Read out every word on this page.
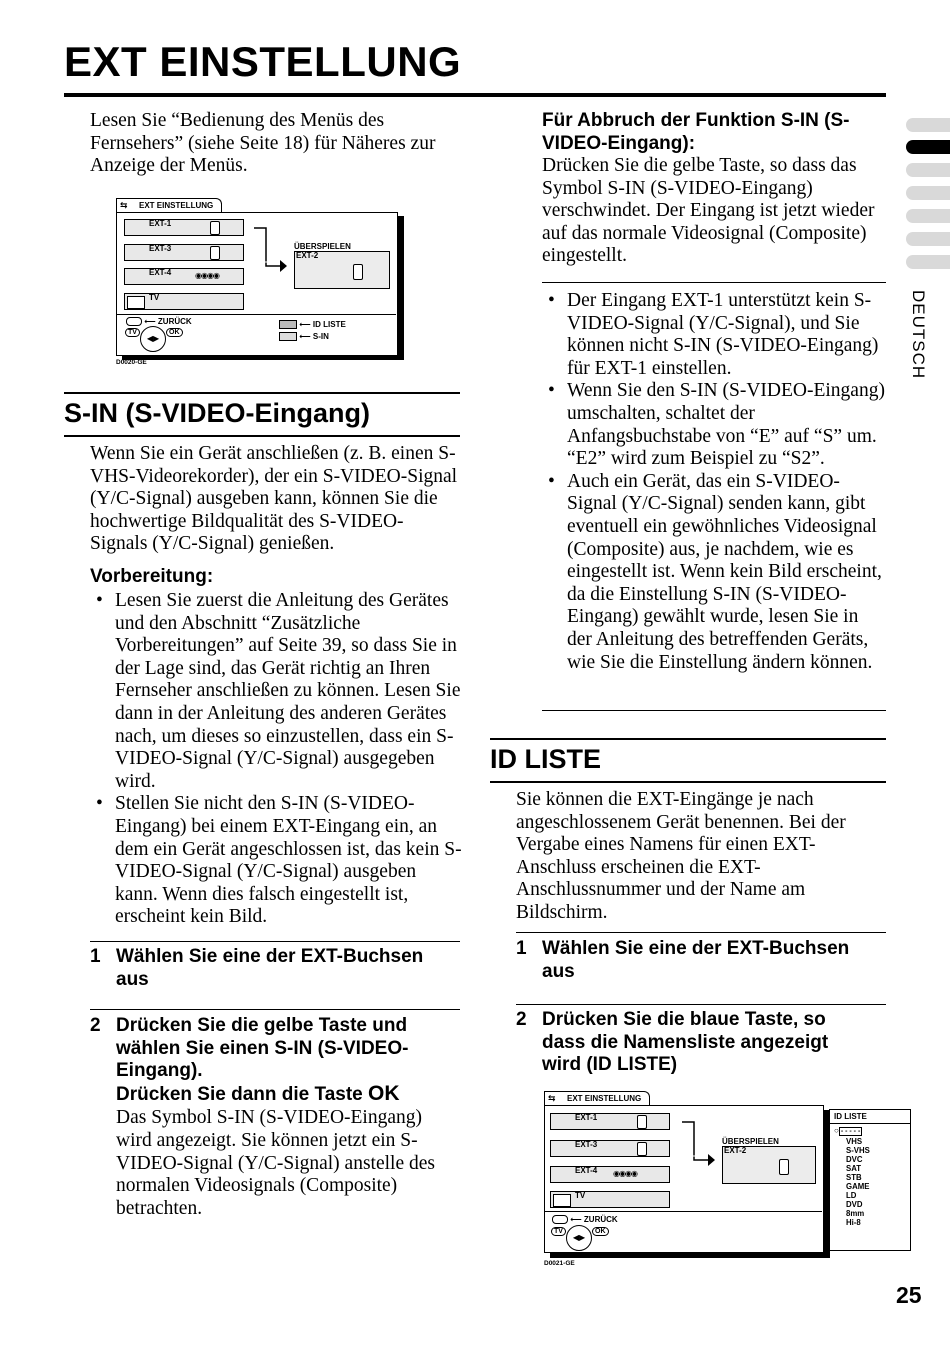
EXT EINSTELLUNG
DEUTSCH
Lesen Sie “Bedienung des Menüs des Fernsehers” (siehe Seite 18) für Näheres zur Anzeige der Menüs.
⇆ EXT EINSTELLUNG
EXT-1
EXT-3
EXT-4	◉◉◉◉
TV
ÜBERSPIELEN
EXT-2
⟵ ZURÜCK
TV
◀▶
OK
⟵ ID LISTE
⟵ S-IN
D0020-GE
S-IN (S-VIDEO-Eingang)
Wenn Sie ein Gerät anschließen (z. B. einen S-VHS-Videorekorder), der ein S-VIDEO-Signal (Y/C-Signal) ausgeben kann, können Sie die hochwertige Bildqualität des S-VIDEO-Signals (Y/C-Signal) genießen.
Vorbereitung:
• Lesen Sie zuerst die Anleitung des Gerätes und den Abschnitt “Zusätzliche Vorbereitungen” auf Seite 39, so dass Sie in der Lage sind, das Gerät richtig an Ihren Fernseher anschließen zu können. Lesen Sie dann in der Anleitung des anderen Gerätes nach, um dieses so einzustellen, dass ein S-VIDEO-Signal (Y/C-Signal) ausgegeben wird.
• Stellen Sie nicht den S-IN (S-VIDEO-Eingang) bei einem EXT-Eingang ein, an dem ein Gerät angeschlossen ist, das kein S-VIDEO-Signal (Y/C-Signal) ausgeben kann. Wenn dies falsch eingestellt ist, erscheint kein Bild.
1 Wählen Sie eine der EXT-Buchsen aus
2 Drücken Sie die gelbe Taste und wählen Sie einen S-IN (S-VIDEO-Eingang).
Drücken Sie dann die Taste OK
Das Symbol S-IN (S-VIDEO-Eingang) wird angezeigt. Sie können jetzt ein S-VIDEO-Signal (Y/C-Signal) anstelle des normalen Videosignals (Composite) betrachten.
Für Abbruch der Funktion S-IN (S-VIDEO-Eingang):
Drücken Sie die gelbe Taste, so dass das Symbol S-IN (S-VIDEO-Eingang) verschwindet. Der Eingang ist jetzt wieder auf das normale Videosignal (Composite) eingestellt.
• Der Eingang EXT-1 unterstützt kein S-VIDEO-Signal (Y/C-Signal), und Sie können nicht S-IN (S-VIDEO-Eingang) für EXT-1 einstellen.
• Wenn Sie den S-IN (S-VIDEO-Eingang) umschalten, schaltet der Anfangsbuchstabe von “E” auf “S” um. “E2” wird zum Beispiel zu “S2”.
• Auch ein Gerät, das ein S-VIDEO-Signal (Y/C-Signal) senden kann, gibt eventuell ein gewöhnliches Videosignal (Composite) aus, je nachdem, wie es eingestellt ist. Wenn kein Bild erscheint, da die Einstellung S-IN (S-VIDEO-Eingang) gewählt wurde, lesen Sie in der Anleitung des betreffenden Geräts, wie Sie die Einstellung ändern können.
ID LISTE
Sie können die EXT-Eingänge je nach angeschlossenem Gerät benennen. Bei der Vergabe eines Namens für einen EXT-Anschluss erscheinen die EXT-Anschlussnummer und der Name am Bildschirm.
1 Wählen Sie eine der EXT-Buchsen aus
2 Drücken Sie die blaue Taste, so dass die Namensliste angezeigt wird (ID LISTE)
⇆ EXT EINSTELLUNG
EXT-1
EXT-3
EXT-4 ◉◉◉◉
TV
ÜBERSPIELEN
EXT-2
⟵ ZURÜCK
TV
◀▶
OK
ID LISTE
○ - - - - -
VHS
S-VHS
DVC
SAT
STB
GAME
LD
DVD
8mm
Hi-8
D0021-GE
25
